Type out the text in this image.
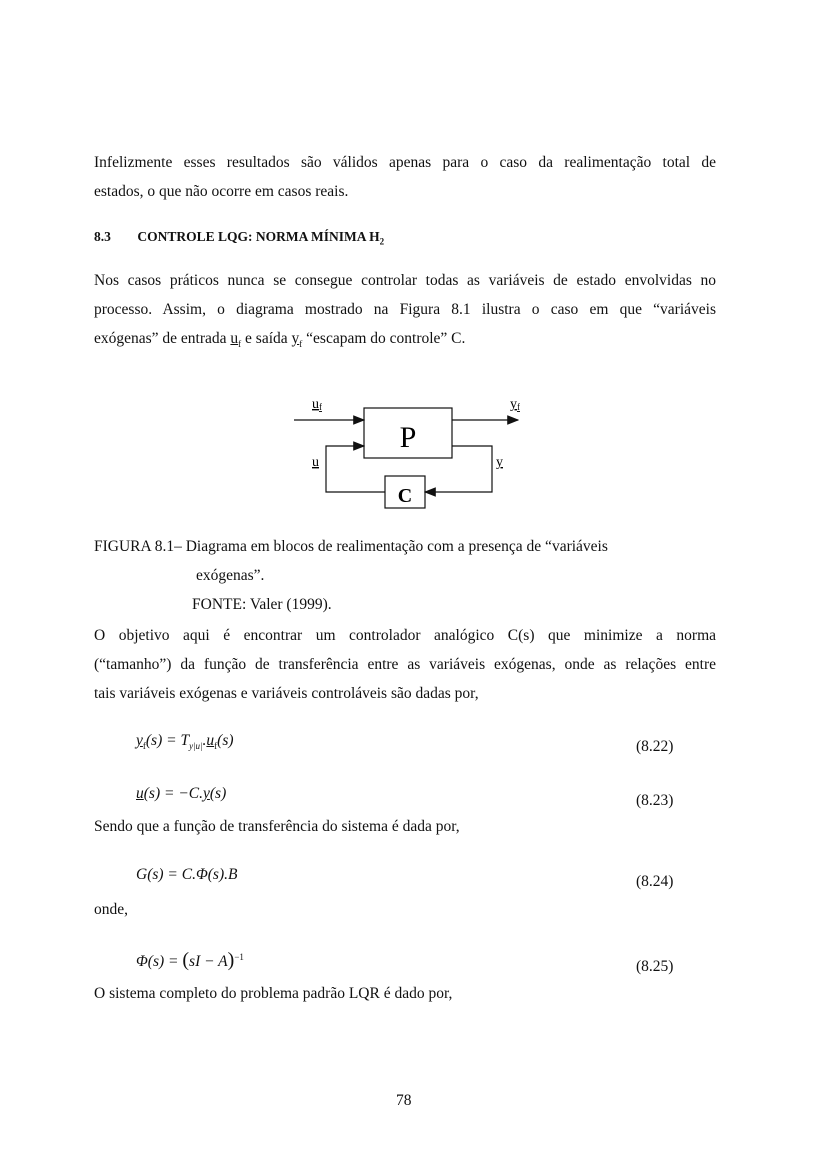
Infelizmente esses resultados são válidos apenas para o caso da realimentação total de
estados, o que não ocorre em casos reais.
8.3 CONTROLE LQG: NORMA MÍNIMA $H_2$
Nos casos práticos nunca se consegue controlar todas as variáveis de estado envolvidas no
processo. Assim, o diagrama mostrado na Figura 8.1 ilustra o caso em que “variáveis
exógenas” de entrada $u_f$ e saída $y_f$ “escapam do controle” C.
P
C
uf	yf
u	y
FIGURA 8.1– Diagrama em blocos de realimentação com a presença de “variáveis
exógenas”.
FONTE: Valer (1999).
O objetivo aqui é encontrar um controlador analógico C(s) que minimize a norma
(“tamanho”) da função de transferência entre as variáveis exógenas, onde as relações entre
tais variáveis exógenas e variáveis controláveis são dadas por,
$y_f(s) = T_{y|u|}.u_f(s)$	(8.22)
u(s) = −C.y(s)	(8.23)
Sendo que a função de transferência do sistema é dada por,
G(s) = C.Φ(s).B	(8.24)
onde,
Φ(s) = (sI − A)$^{-1}$
(8.25)
O sistema completo do problema padrão LQR é dado por,
78
